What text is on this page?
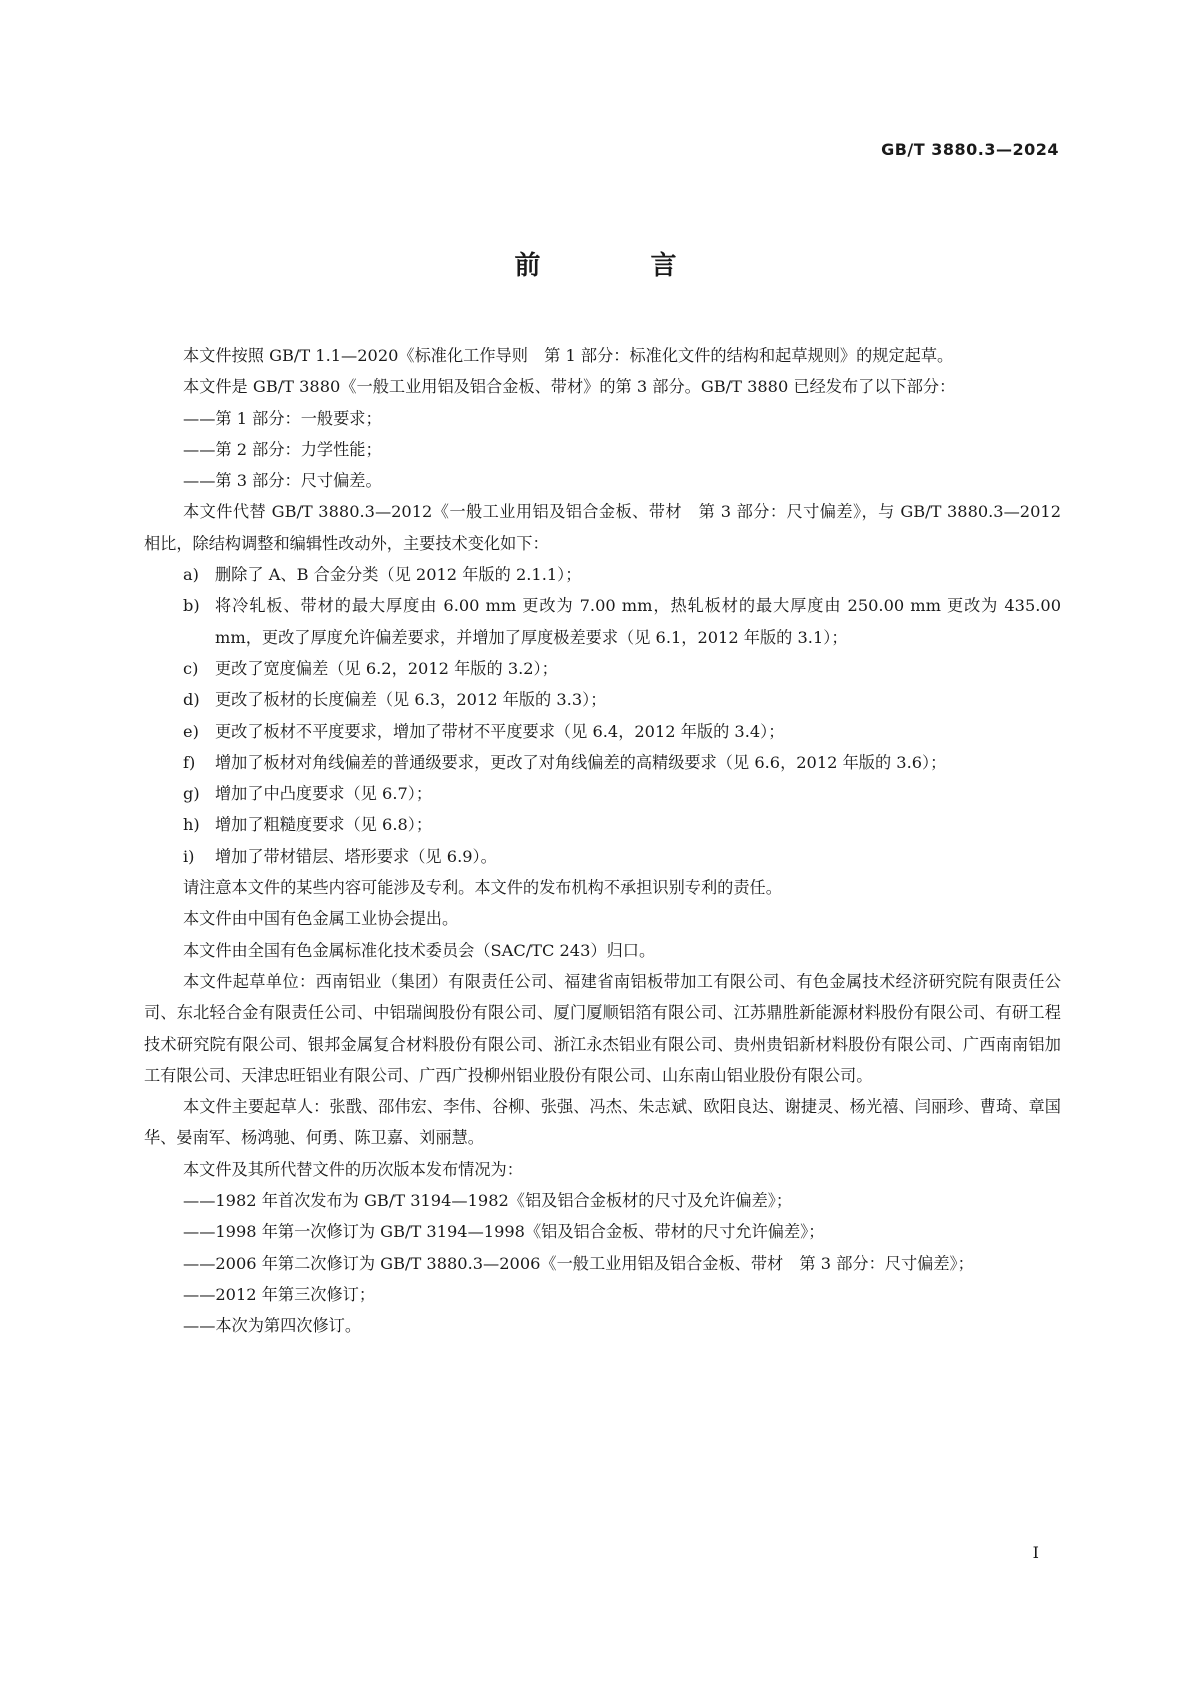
GB/T 3880.3—2024
前　言

本文件按照 GB/T 1.1—2020《标准化工作导则　第 1 部分：标准化文件的结构和起草规则》的规定起草。

本文件是 GB/T 3880《一般工业用铝及铝合金板、带材》的第 3 部分。GB/T 3880 已经发布了以下部分：

——第 1 部分：一般要求；

——第 2 部分：力学性能；

——第 3 部分：尺寸偏差。

本文件代替 GB/T 3880.3—2012《一般工业用铝及铝合金板、带材　第 3 部分：尺寸偏差》，与 GB/T 3880.3—2012 相比，除结构调整和编辑性改动外，主要技术变化如下：

a) 删除了 A、B 合金分类（见 2012 年版的 2.1.1）；
b) 将冷轧板、带材的最大厚度由 6.00 mm 更改为 7.00 mm，热轧板材的最大厚度由 250.00 mm 更改为 435.00 mm，更改了厚度允许偏差要求，并增加了厚度极差要求（见 6.1，2012 年版的 3.1）；
c)	更改了宽度偏差（见 6.2，2012 年版的 3.2）；
d) 更改了板材的长度偏差（见 6.3，2012 年版的 3.3）；
e) 更改了板材不平度要求，增加了带材不平度要求（见 6.4，2012 年版的 3.4）；
f)	增加了板材对角线偏差的普通级要求，更改了对角线偏差的高精级要求（见 6.6，2012 年版的 3.6）；
g) 增加了中凸度要求（见 6.7）；
h) 增加了粗糙度要求（见 6.8）；
i)	增加了带材错层、塔形要求（见 6.9）。

请注意本文件的某些内容可能涉及专利。本文件的发布机构不承担识别专利的责任。

本文件由中国有色金属工业协会提出。

本文件由全国有色金属标准化技术委员会（SAC/TC 243）归口。

本文件起草单位：西南铝业（集团）有限责任公司、福建省南铝板带加工有限公司、有色金属技术经济研究院有限责任公司、东北轻合金有限责任公司、中铝瑞闽股份有限公司、厦门厦顺铝箔有限公司、江苏鼎胜新能源材料股份有限公司、有研工程技术研究院有限公司、银邦金属复合材料股份有限公司、浙江永杰铝业有限公司、贵州贵铝新材料股份有限公司、广西南南铝加工有限公司、天津忠旺铝业有限公司、广西广投柳州铝业股份有限公司、山东南山铝业股份有限公司。

本文件主要起草人：张戬、邵伟宏、李伟、谷柳、张强、冯杰、朱志斌、欧阳良达、谢捷灵、杨光禧、闫丽珍、曹琦、章国华、晏南军、杨鸿驰、何勇、陈卫嘉、刘丽慧。

本文件及其所代替文件的历次版本发布情况为：

——1982 年首次发布为 GB/T 3194—1982《铝及铝合金板材的尺寸及允许偏差》；

——1998 年第一次修订为 GB/T 3194—1998《铝及铝合金板、带材的尺寸允许偏差》；

——2006 年第二次修订为 GB/T 3880.3—2006《一般工业用铝及铝合金板、带材　第 3 部分：尺寸偏差》；

——2012 年第三次修订；

——本次为第四次修订。

I
